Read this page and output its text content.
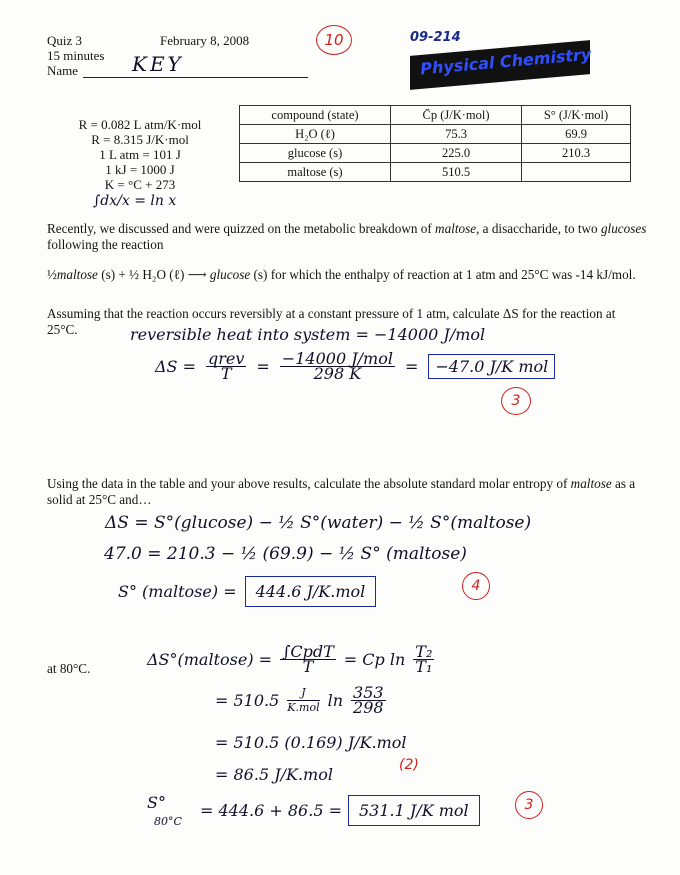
Quiz 3
15 minutes
Name	KEY
February 8, 2008	10	09-214
Physical Chemistry
R = 0.082 L atm/K·mol
R = 8.315 J/K·mol
1 L atm = 101 J
1 kJ = 1000 J
K = °C + 273
∫dx/x = ln x
compound (state)	C̄p (J/K·mol)	S° (J/K·mol)
H₂O (ℓ)	75.3	69.9
glucose (s)	225.0	210.3
maltose (s)	510.5	
Recently, we discussed and were quizzed on the metabolic breakdown of maltose, a disaccharide, to two glucoses following the reaction
½maltose (s) + ½ H₂O (ℓ) ⟶ glucose (s) for which the enthalpy of reaction at 1 atm and 25°C was -14 kJ/mol.
Assuming that the reaction occurs reversibly at a constant pressure of 1 atm, calculate ΔS for the reaction at 25°C.	reversible heat into system = −14000 J/mol
$\Delta S = \frac{\text{qrev}}{T} = \frac{\text{−14000 J/mol}}{298 K}$ =	−47.0 J/K mol
3
Using the data in the table and your above results, calculate the absolute standard molar entropy of maltose as a solid at 25°C and…
ΔS = S°(glucose) − ½ S°(water) − ½ S°(maltose)
47.0 = 210.3 − ½ (69.9) − ½ S° (maltose)
S° (maltose) =	444.6 J/K.mol	4
at 80°C.	ΔS°(maltose) = $\frac{\text{∫CpdT}}{T} = Cp$ $\ln \frac{\text{T₂}}{\text{T₁}}$
= $510.5 \frac{J}{\text{K.mol}}$ $\ln \frac{353}{298}$
= 510.5 (0.169) J/K.mol
= 86.5 J/K.mol	(2)
S°
80°C
= 444.6 + 86.5 =	531.1 J/K mol	3
